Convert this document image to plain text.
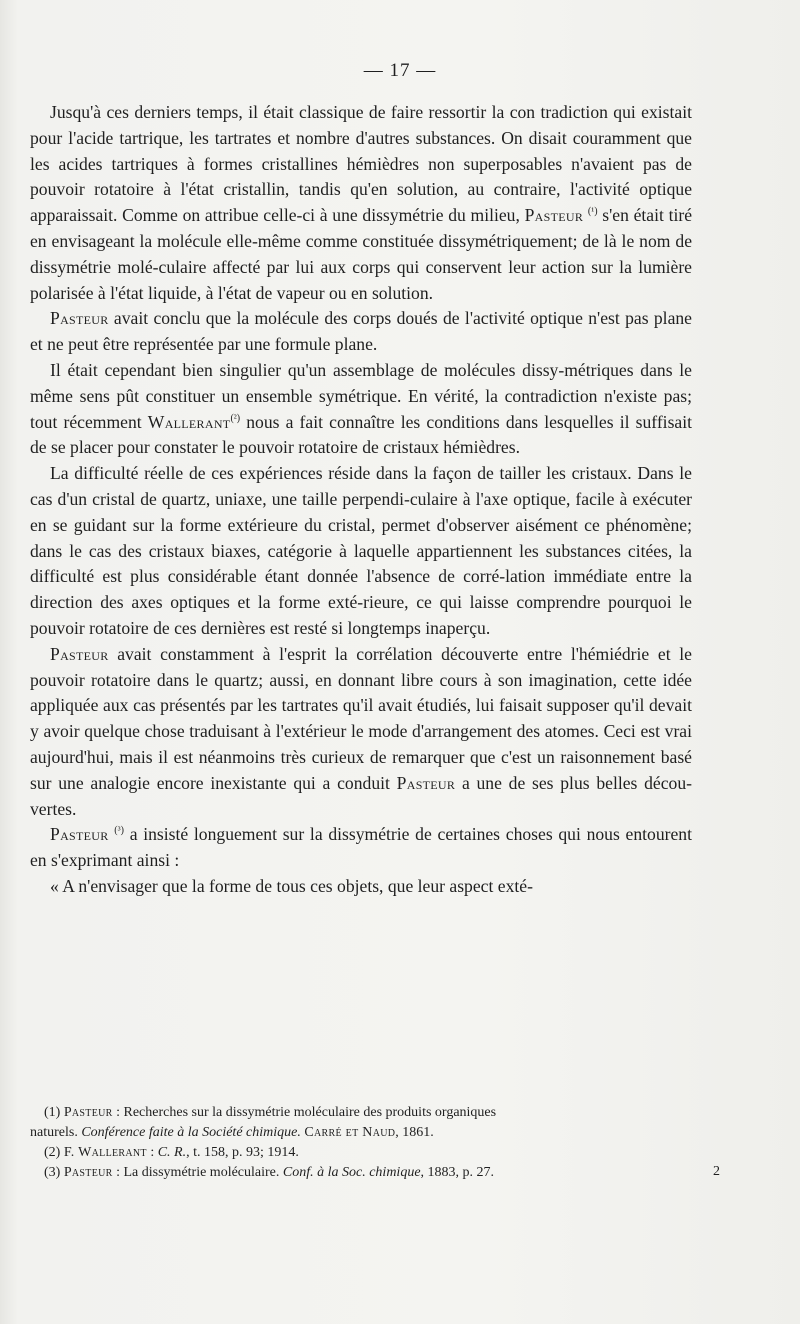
— 17 —

Jusqu'à ces derniers temps, il était classique de faire ressortir la con tradiction qui existait pour l'acide tartrique, les tartrates et nombre d'autres substances. On disait couramment que les acides tartriques à formes cristallines hémièdres non superposables n'avaient pas de pouvoir rotatoire à l'état cristallin, tandis qu'en solution, au contraire, l'activité optique apparaissait. Comme on attribue celle-ci à une dissymétrie du milieu, Pasteur $^{(^1)}$ s'en était tiré en envisageant la molécule elle-même comme constituée dissymétriquement; de là le nom de dissymétrie molé-culaire affecté par lui aux corps qui conservent leur action sur la lumière polarisée à l'état liquide, à l'état de vapeur ou en solution.

Pasteur avait conclu que la molécule des corps doués de l'activité optique n'est pas plane et ne peut être représentée par une formule plane.

Il était cependant bien singulier qu'un assemblage de molécules dissy-métriques dans le même sens pût constituer un ensemble symétrique. En vérité, la contradiction n'existe pas; tout récemment Wallerant$^{(^2)}$ nous a fait connaître les conditions dans lesquelles il suffisait de se placer pour constater le pouvoir rotatoire de cristaux hémièdres.

La difficulté réelle de ces expériences réside dans la façon de tailler les cristaux. Dans le cas d'un cristal de quartz, uniaxe, une taille perpendi-culaire à l'axe optique, facile à exécuter en se guidant sur la forme extérieure du cristal, permet d'observer aisément ce phénomène; dans le cas des cristaux biaxes, catégorie à laquelle appartiennent les substances citées, la difficulté est plus considérable étant donnée l'absence de corré-lation immédiate entre la direction des axes optiques et la forme exté-rieure, ce qui laisse comprendre pourquoi le pouvoir rotatoire de ces dernières est resté si longtemps inaperçu.

Pasteur avait constamment à l'esprit la corrélation découverte entre l'hémiédrie et le pouvoir rotatoire dans le quartz; aussi, en donnant libre cours à son imagination, cette idée appliquée aux cas présentés par les tartrates qu'il avait étudiés, lui faisait supposer qu'il devait y avoir quelque chose traduisant à l'extérieur le mode d'arrangement des atomes. Ceci est vrai aujourd'hui, mais il est néanmoins très curieux de remarquer que c'est un raisonnement basé sur une analogie encore inexistante qui a conduit Pasteur a une de ses plus belles décou-vertes.

Pasteur $^{(^3)}$ a insisté longuement sur la dissymétrie de certaines choses qui nous entourent en s'exprimant ainsi :

« A n'envisager que la forme de tous ces objets, que leur aspect exté-

(1) Pasteur : Recherches sur la dissymétrie moléculaire des produits organiques
naturels. Conférence faite à la Société chimique. Carré et Naud, 1861.
(2) F. Wallerant : C. R., t. 158, p. 93; 1914.
(3) Pasteur : La dissymétrie moléculaire. Conf. à la Soc. chimique, 1883, p. 27.	2
